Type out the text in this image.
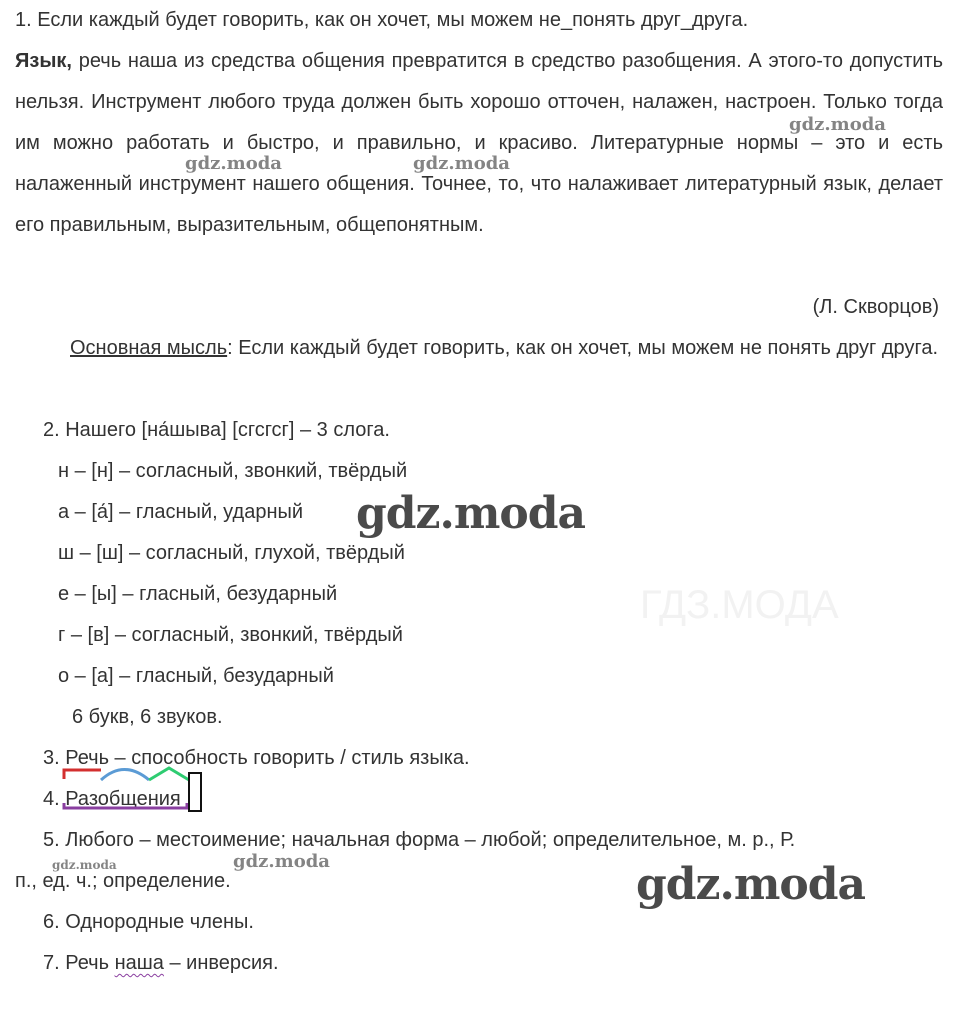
1. Если каждый будет говорить, как он хочет, мы можем не_понять друг_друга.

Язык, речь наша из средства общения превратится в средство разобщения. А этого-то допустить нельзя. Инструмент любого труда должен быть хорошо отточен, налажен, настроен. Только тогда им можно работать и быстро, и правильно, и красиво. Литературные нормы – это и есть налаженный инструмент нашего общения. Точнее, то, что налаживает литературный язык, делает его правильным, выразительным, общепонятным.

(Л. Скворцов)

Основная мысль: Если каждый будет говорить, как он хочет, мы можем не понять друг друга.

2. Нашего [на́шыва] [сгсгсг] – 3 слога.
н – [н] – согласный, звонкий, твёрдый
а – [а́] – гласный, ударный
ш – [ш] – согласный, глухой, твёрдый
е – [ы] – гласный, безударный
г – [в] – согласный, звонкий, твёрдый
о – [а] – гласный, безударный
6 букв, 6 звуков.
3. Речь – способность говорить / стиль языка.
4.
Разобщения
5. Любого – местоимение; начальная форма – любой; определительное, м. р., Р.
п., ед. ч.; определение.
6. Однородные члены.
7. Речь наша – инверсия.
gdz.moda
gdz.moda	gdz.moda
gdz.moda
ГДЗ.МОДА
gdz.moda	gdz.moda	gdz.moda
